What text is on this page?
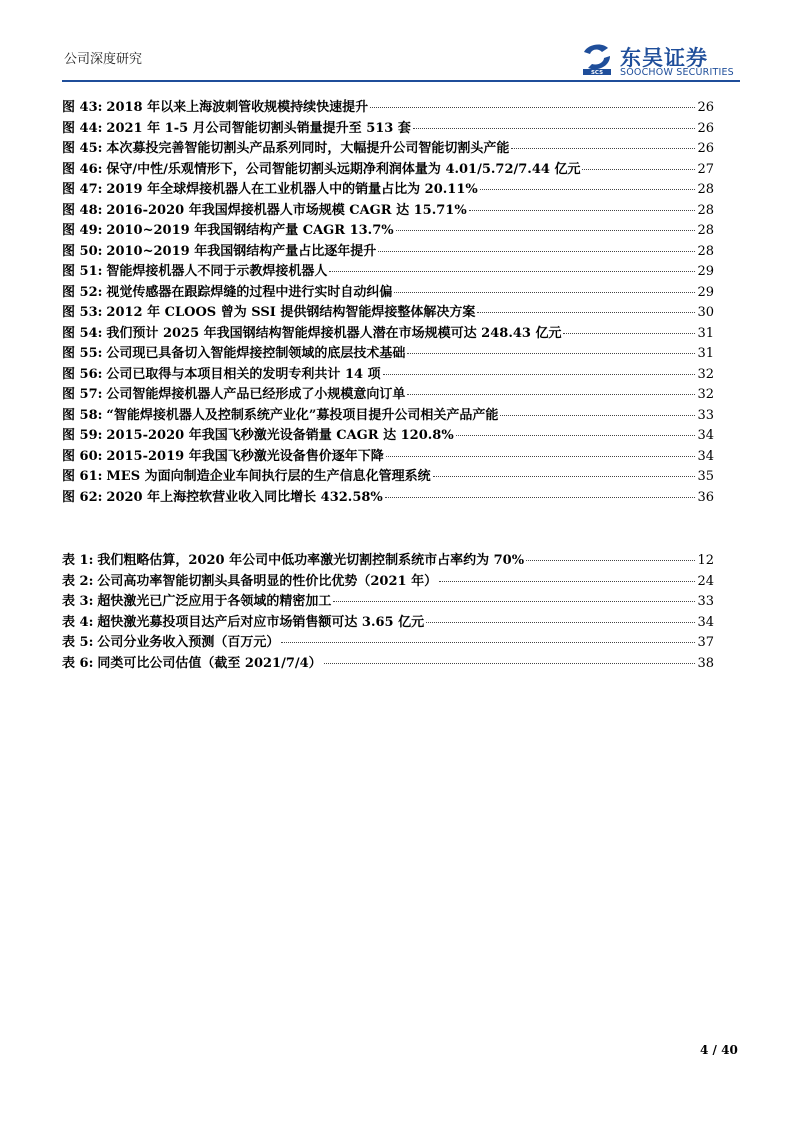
公司深度研究
SCS
东吴证券
SOOCHOW SECURITIES
图 43: 2018 年以来上海波刺管收规模持续快速提升	26
图 44: 2021 年 1-5 月公司智能切割头销量提升至 513 套	26
图 45: 本次募投完善智能切割头产品系列同时，大幅提升公司智能切割头产能	26
图 46: 保守/中性/乐观情形下，公司智能切割头远期净利润体量为 4.01/5.72/7.44 亿元	27
图 47: 2019 年全球焊接机器人在工业机器人中的销量占比为 20.11%	28
图 48: 2016-2020 年我国焊接机器人市场规模 CAGR 达 15.71%	28
图 49: 2010~2019 年我国钢结构产量 CAGR 13.7%	28
图 50: 2010~2019 年我国钢结构产量占比逐年提升	28
图 51: 智能焊接机器人不同于示教焊接机器人	29
图 52: 视觉传感器在跟踪焊缝的过程中进行实时自动纠偏	29
图 53: 2012 年 CLOOS 曾为 SSI 提供钢结构智能焊接整体解决方案	30
图 54: 我们预计 2025 年我国钢结构智能焊接机器人潜在市场规模可达 248.43 亿元	31
图 55: 公司现已具备切入智能焊接控制领域的底层技术基础	31
图 56: 公司已取得与本项目相关的发明专利共计 14 项	32
图 57: 公司智能焊接机器人产品已经形成了小规模意向订单	32
图 58: “智能焊接机器人及控制系统产业化”募投项目提升公司相关产品产能	33
图 59: 2015-2020 年我国飞秒激光设备销量 CAGR 达 120.8%	34
图 60: 2015-2019 年我国飞秒激光设备售价逐年下降	34
图 61: MES 为面向制造企业车间执行层的生产信息化管理系统	35
图 62: 2020 年上海控软营业收入同比增长 432.58%	36
表 1: 我们粗略估算，2020 年公司中低功率激光切割控制系统市占率约为 70%	12
表 2: 公司高功率智能切割头具备明显的性价比优势（2021 年）	24
表 3: 超快激光已广泛应用于各领域的精密加工	33
表 4: 超快激光募投项目达产后对应市场销售额可达 3.65 亿元	34
表 5: 公司分业务收入预测（百万元）	37
表 6: 同类可比公司估值（截至 2021/7/4）	38
4 / 40
